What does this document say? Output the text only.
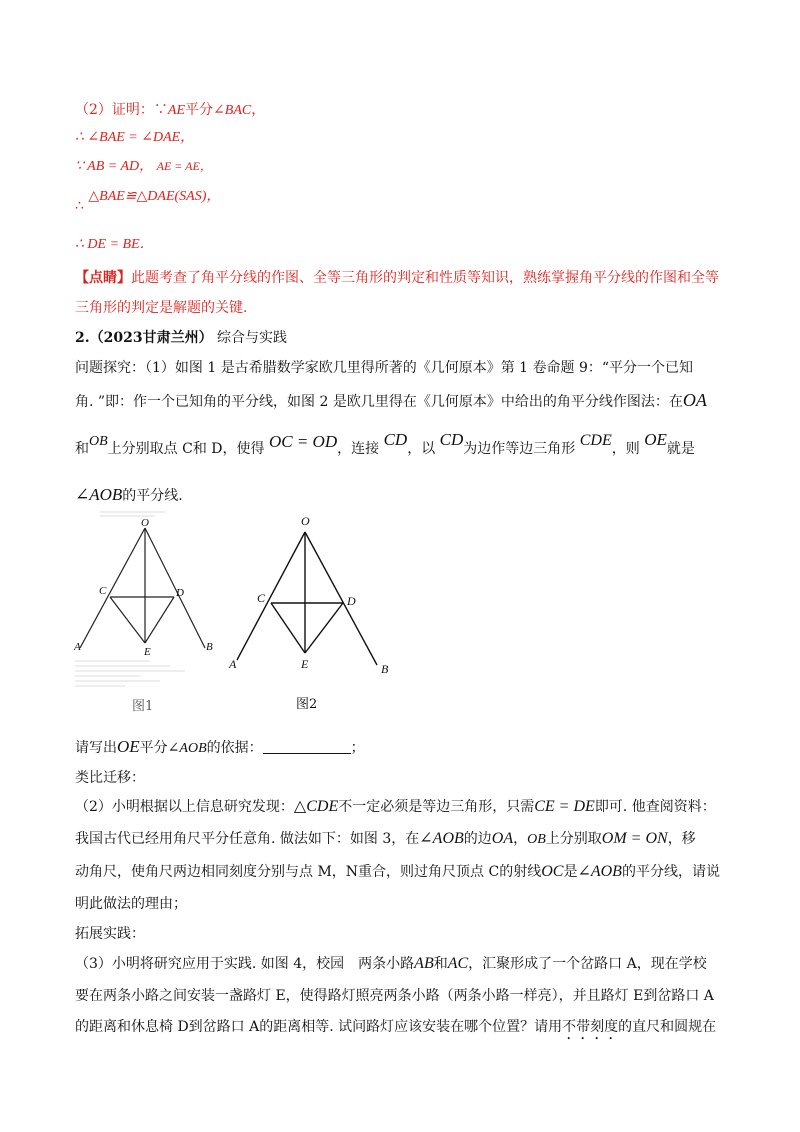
（2）证明：∵AE平分∠BAC，
∴ ∠BAE = ∠DAE，
∵ AB = AD， AE = AE，
∴ △BAE≌△DAE(SAS)，
∴ DE = BE．
【点睛】此题考查了角平分线的作图、全等三角形的判定和性质等知识，熟练掌握角平分线的作图和全等
三角形的判定是解题的关键.
2.（2023甘肃兰州） 综合与实践
问题探究：（1）如图 1 是古希腊数学家欧几里得所著的《几何原本》第 1 卷命题 9：“平分一个已知
角. ”即：作一个已知角的平分线，如图 2 是欧几里得在《几何原本》中给出的角平分线作图法：在OA
和OB上分别取点 C和 D，使得 OC = OD，连接 CD，以 CD为边作等边三角形 CDE，则 OE就是
∠AOB的平分线.
O
C	D
A	E	B
图1
O
C	D
A	E	B
图2
请写出OE平分∠AOB的依据：	；
类比迁移：
（2）小明根据以上信息研究发现：△CDE不一定必须是等边三角形，只需CE = DE即可. 他查阅资料：
我国古代已经用角尺平分任意角. 做法如下：如图 3，在∠AOB的边OA，OB上分别取OM = ON，移
动角尺，使角尺两边相同刻度分别与点 M，N重合，则过角尺顶点 C的射线OC是∠AOB的平分线，请说
明此做法的理由；
拓展实践：
（3）小明将研究应用于实践. 如图 4，校园　两条小路AB和AC，汇聚形成了一个岔路口 A，现在学校
要在两条小路之间安装一盏路灯 E，使得路灯照亮两条小路（两条小路一样亮），并且路灯 E到岔路口 A
的距离和休息椅 D到岔路口 A的距离相等. 试问路灯应该安装在哪个位置？请用不带刻度的直尺和圆规在
